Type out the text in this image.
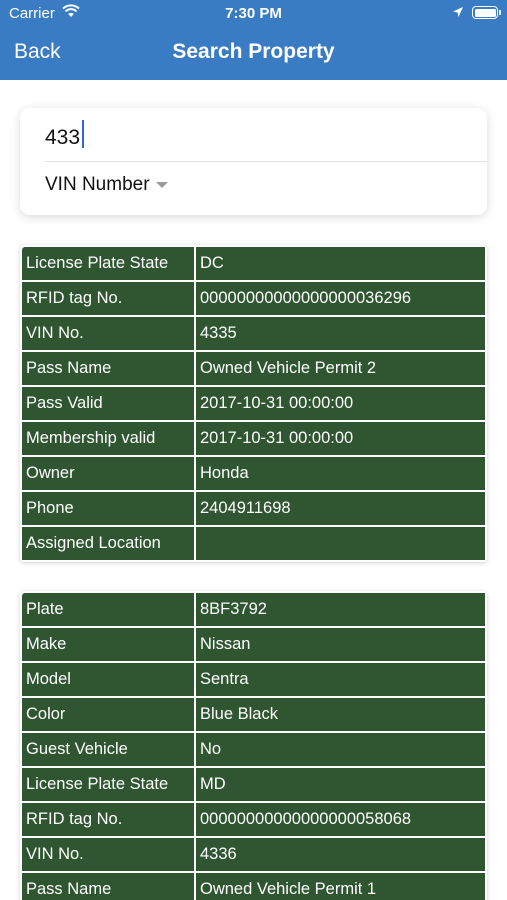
Carrier	7:30 PM
Back	Search Property
433
VIN Number
License Plate State	DC
RFID tag No.	00000000000000000036296
VIN No.	4335
Pass Name	Owned Vehicle Permit 2
Pass Valid	2017-10-31 00:00:00
Membership valid	2017-10-31 00:00:00
Owner	Honda
Phone	2404911698
Assigned Location	
Plate	8BF3792
Make	Nissan
Model	Sentra
Color	Blue Black
Guest Vehicle	No
License Plate State	MD
RFID tag No.	00000000000000000058068
VIN No.	4336
Pass Name	Owned Vehicle Permit 1
